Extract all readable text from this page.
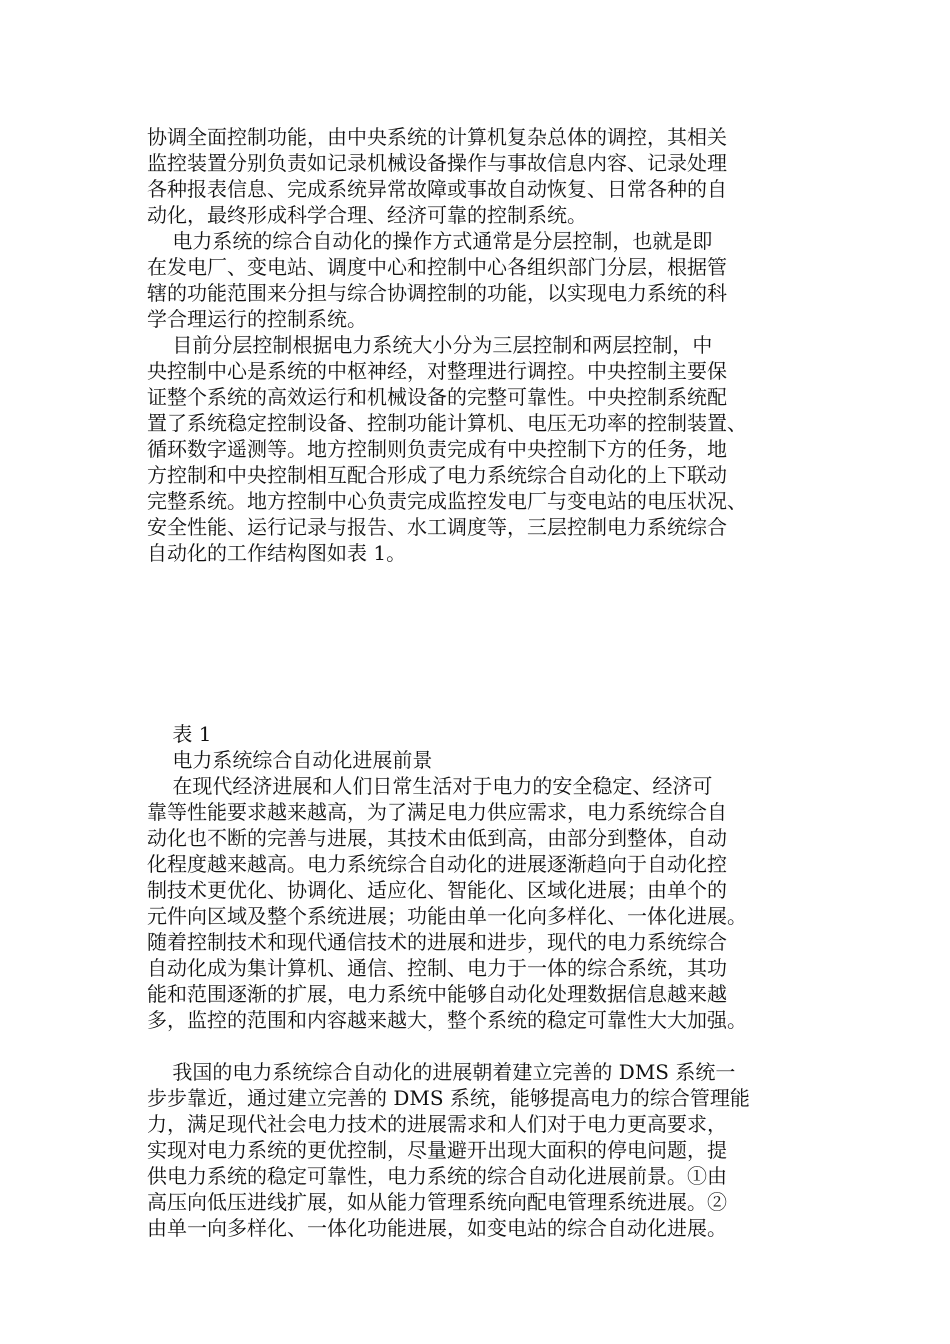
协调全面控制功能，由中央系统的计算机复杂总体的调控，其相关
监控装置分别负责如记录机械设备操作与事故信息内容、记录处理
各种报表信息、完成系统异常故障或事故自动恢复、日常各种的自
动化，最终形成科学合理、经济可靠的控制系统。
电力系统的综合自动化的操作方式通常是分层控制，也就是即
在发电厂、变电站、调度中心和控制中心各组织部门分层，根据管
辖的功能范围来分担与综合协调控制的功能，以实现电力系统的科
学合理运行的控制系统。
目前分层控制根据电力系统大小分为三层控制和两层控制，中
央控制中心是系统的中枢神经，对整理进行调控。中央控制主要保
证整个系统的高效运行和机械设备的完整可靠性。中央控制系统配
置了系统稳定控制设备、控制功能计算机、电压无功率的控制装置、
循环数字遥测等。地方控制则负责完成有中央控制下方的任务，地
方控制和中央控制相互配合形成了电力系统综合自动化的上下联动
完整系统。地方控制中心负责完成监控发电厂与变电站的电压状况、
安全性能、运行记录与报告、水工调度等，三层控制电力系统综合
自动化的工作结构图如表 1。
表 1
电力系统综合自动化进展前景
在现代经济进展和人们日常生活对于电力的安全稳定、经济可
靠等性能要求越来越高，为了满足电力供应需求，电力系统综合自
动化也不断的完善与进展，其技术由低到高，由部分到整体，自动
化程度越来越高。电力系统综合自动化的进展逐渐趋向于自动化控
制技术更优化、协调化、适应化、智能化、区域化进展；由单个的
元件向区域及整个系统进展；功能由单一化向多样化、一体化进展。
随着控制技术和现代通信技术的进展和进步，现代的电力系统综合
自动化成为集计算机、通信、控制、电力于一体的综合系统，其功
能和范围逐渐的扩展，电力系统中能够自动化处理数据信息越来越
多，监控的范围和内容越来越大，整个系统的稳定可靠性大大加强。
我国的电力系统综合自动化的进展朝着建立完善的 DMS 系统一
步步靠近，通过建立完善的 DMS 系统，能够提高电力的综合管理能
力，满足现代社会电力技术的进展需求和人们对于电力更高要求，
实现对电力系统的更优控制，尽量避开出现大面积的停电问题，提
供电力系统的稳定可靠性，电力系统的综合自动化进展前景。①由
高压向低压进线扩展，如从能力管理系统向配电管理系统进展。②
由单一向多样化、一体化功能进展，如变电站的综合自动化进展。
